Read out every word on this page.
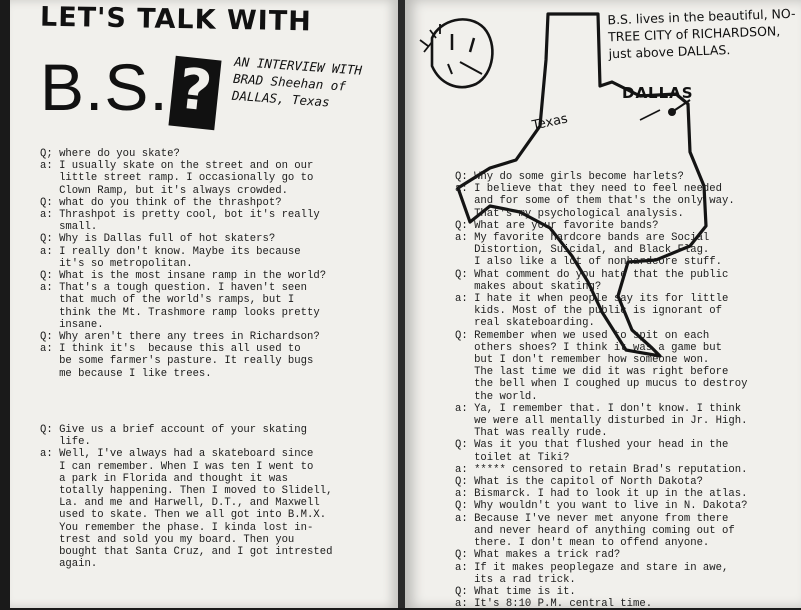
LET'S TALK WITH
B.S. ?	AN INTERVIEW WITH BRAD Sheehan of DALLAS, Texas
Q; where do you skate?
a: I usually skate on the street and on our
little street ramp. I occasionally go to
Clown Ramp, but it's always crowded.
Q: what do you think of the thrashpot?
a: Thrashpot is pretty cool, bot it's really
small.
Q: Why is Dallas full of hot skaters?
a: I really don't know. Maybe its because
it's so metropolitan.
Q: What is the most insane ramp in the world?
a: That's a tough question. I haven't seen
that much of the world's ramps, but I
think the Mt. Trashmore ramp looks pretty
insane.
Q: Why aren't there any trees in Richardson?
a: I think it's  because this all used to
be some farmer's pasture. It really bugs
me because I like trees.
Q: Give us a brief account of your skating
life.
a: Well, I've always had a skateboard since
I can remember. When I was ten I went to
a park in Florida and thought it was
totally happening. Then I moved to Slidell,
La. and me and Harwell, D.T., and Maxwell
used to skate. Then we all got into B.M.X.
You remember the phase. I kinda lost in-
trest and sold you my board. Then you
bought that Santa Cruz, and I got intrested
again.
B.S. lives in the beautiful, NO-TREE CITY of RICHARDSON, just above DALLAS.
DALLAS
Texas
Q: Why do some girls become harlets?
a: I believe that they need to feel needed
and for some of them that's the only way.
That's my psychological analysis.
Q: What are your favorite bands?
a: My favorite hardcore bands are Social
Distortion, Suicidal, and Black Flag.
I also like a lot of nonhardcore stuff.
Q: What comment do you hate that the public
makes about skating?
a: I hate it when people say its for little
kids. Most of the public is ignorant of
real skateboarding.
Q: Remember when we used to spit on each
others shoes? I think it was a game but
but I don't remember how someone won.
The last time we did it was right before
the bell when I coughed up mucus to destroy
the world.
a: Ya, I remember that. I don't know. I think
we were all mentally disturbed in Jr. High.
That was really rude.
Q: Was it you that flushed your head in the
toilet at Tiki?
a: ***** censored to retain Brad's reputation.
Q: What is the capitol of North Dakota?
a: Bismarck. I had to look it up in the atlas.
Q: Why wouldn't you want to live in N. Dakota?
a: Because I've never met anyone from there
and never heard of anything coming out of
there. I don't mean to offend anyone.
Q: What makes a trick rad?
a: If it makes peoplegaze and stare in awe,
its a rad trick.
Q: What time is it.
a: It's 8:10 P.M. central time.
